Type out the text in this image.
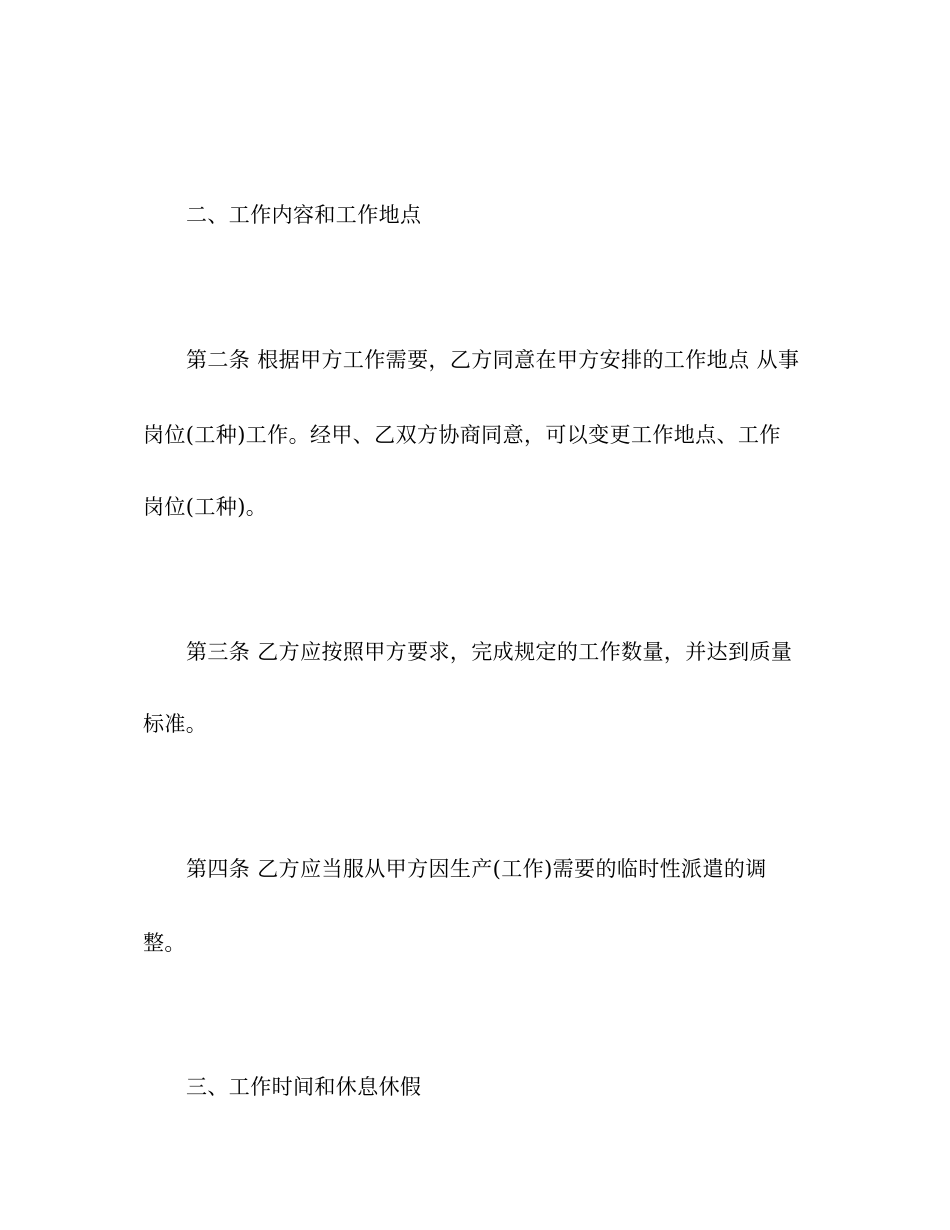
二、工作内容和工作地点
第二条 根据甲方工作需要，乙方同意在甲方安排的工作地点 从事
岗位(工种)工作。经甲、乙双方协商同意，可以变更工作地点、工作
岗位(工种)。
第三条 乙方应按照甲方要求，完成规定的工作数量，并达到质量
标准。
第四条 乙方应当服从甲方因生产(工作)需要的临时性派遣的调
整。
三、工作时间和休息休假
